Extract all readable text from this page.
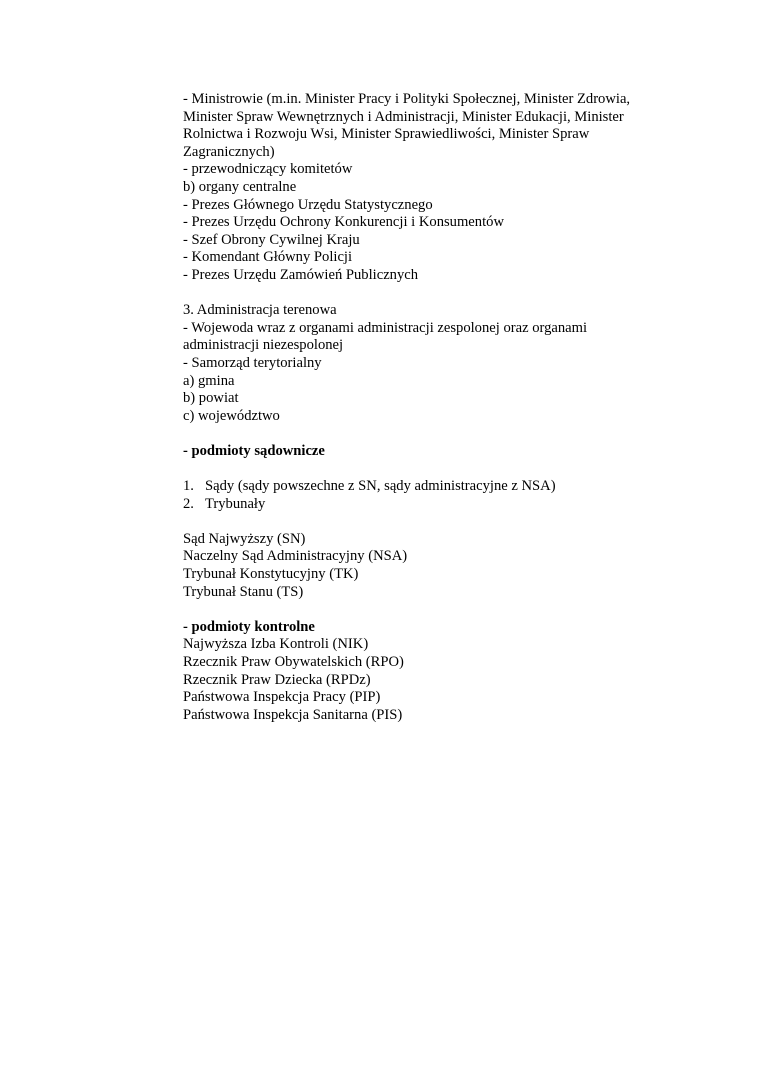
- Ministrowie (m.in. Minister Pracy i Polityki Społecznej, Minister Zdrowia, Minister Spraw Wewnętrznych i Administracji, Minister Edukacji, Minister Rolnictwa i Rozwoju Wsi, Minister Sprawiedliwości, Minister Spraw Zagranicznych)
- przewodniczący komitetów
b) organy centralne
- Prezes Głównego Urzędu Statystycznego
- Prezes Urzędu Ochrony Konkurencji i Konsumentów
- Szef Obrony Cywilnej Kraju
- Komendant Główny Policji
- Prezes Urzędu Zamówień Publicznych
3. Administracja terenowa
- Wojewoda wraz z organami administracji zespolonej oraz organami
administracji niezespolonej
- Samorząd terytorialny
a) gmina
b) powiat
c) województwo
- podmioty sądownicze
1. Sądy (sądy powszechne z SN, sądy administracyjne z NSA)
2. Trybunały
Sąd Najwyższy (SN)
Naczelny Sąd Administracyjny (NSA)
Trybunał Konstytucyjny (TK)
Trybunał Stanu (TS)
- podmioty kontrolne
Najwyższa Izba Kontroli (NIK)
Rzecznik Praw Obywatelskich (RPO)
Rzecznik Praw Dziecka (RPDz)
Państwowa Inspekcja Pracy (PIP)
Państwowa Inspekcja Sanitarna (PIS)
